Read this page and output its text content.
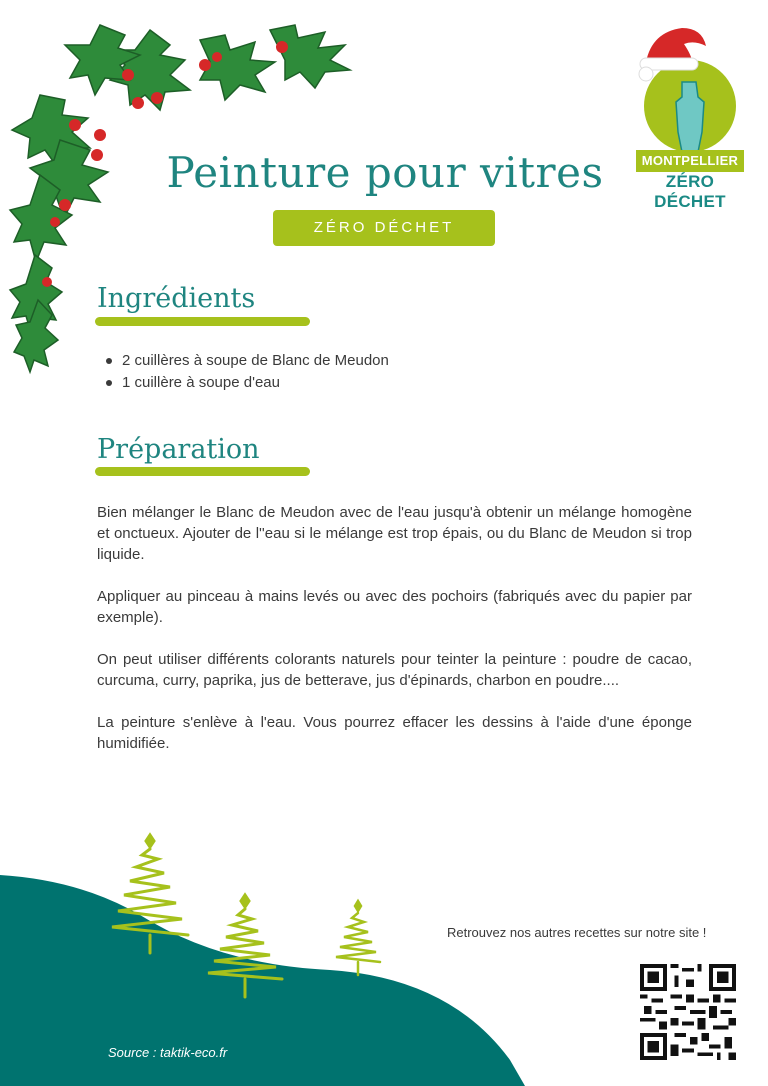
MONTPELLIER
ZÉRO DÉCHET
Peinture pour vitres
ZÉRO DÉCHET
Ingrédients
2 cuillères à soupe de Blanc de Meudon
1 cuillère à soupe d'eau
Préparation

Bien mélanger le Blanc de Meudon avec de l'eau jusqu'à obtenir un mélange homogène et onctueux. Ajouter de l''eau si le mélange est trop épais, ou du Blanc de Meudon si trop liquide.

Appliquer au pinceau à mains levés ou avec des pochoirs (fabriqués avec du papier par exemple).

On peut utiliser différents colorants naturels pour teinter la peinture : poudre de cacao, curcuma, curry, paprika, jus de betterave, jus d'épinards, charbon en poudre....

La peinture s'enlève à l'eau. Vous pourrez effacer les dessins à l'aide d'une éponge humidifiée.

Retrouvez nos autres recettes sur notre site !
Source : taktik-eco.fr
